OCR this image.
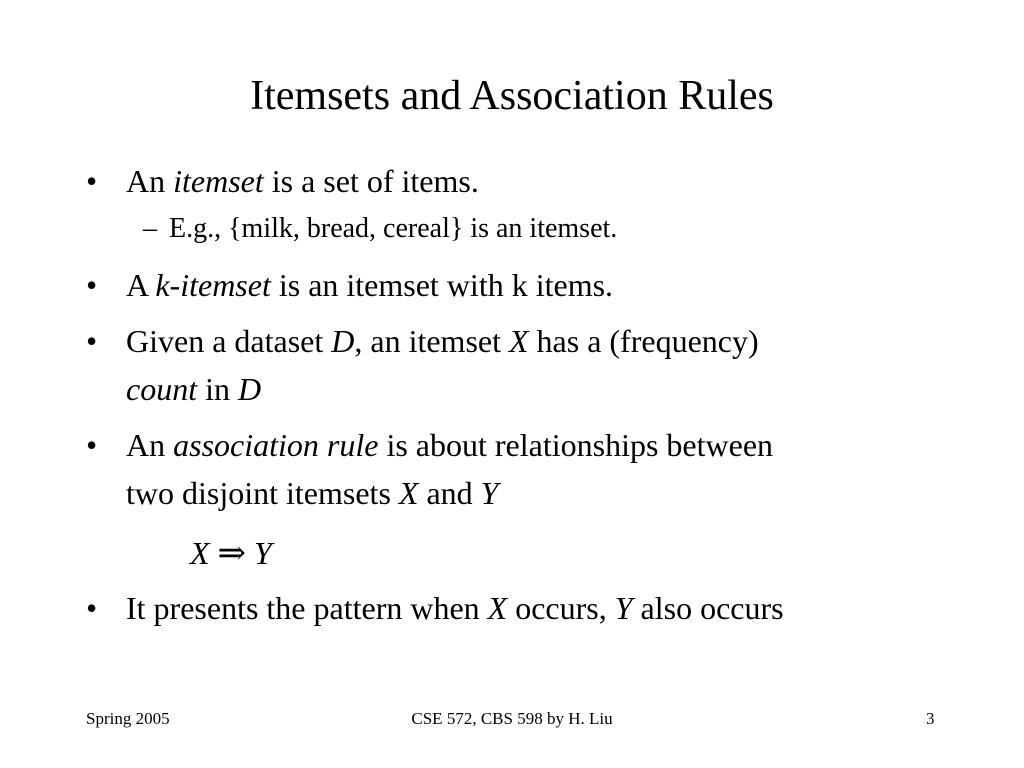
Itemsets and Association Rules
• An itemset is a set of items.
– E.g., {milk, bread, cereal} is an itemset.
• A k-itemset is an itemset with k items.
• Given a dataset D, an itemset X has a (frequency)
count in D
• An association rule is about relationships between
two disjoint itemsets X and Y
X ⇒ Y
• It presents the pattern when X occurs, Y also occurs
Spring 2005	CSE 572, CBS 598 by H. Liu	3
